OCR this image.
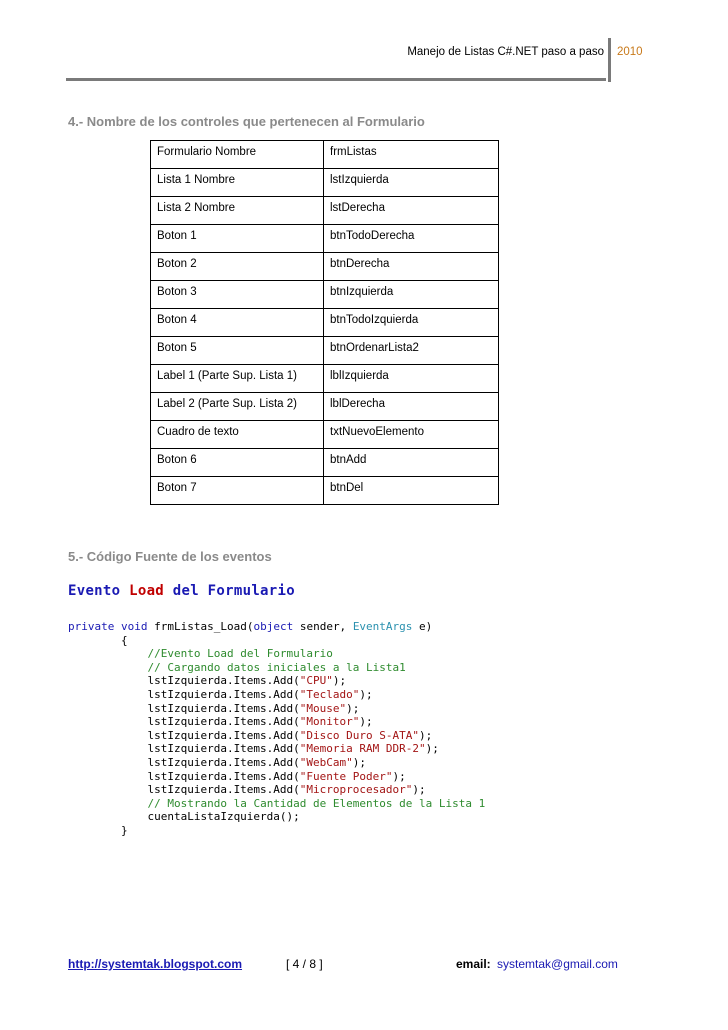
Manejo de Listas C#.NET paso a paso 2010
4.- Nombre de los controles que pertenecen al Formulario
Formulario Nombre	frmListas
Lista 1 Nombre	lstIzquierda
Lista 2 Nombre	lstDerecha
Boton 1	btnTodoDerecha
Boton 2	btnDerecha
Boton 3	btnIzquierda
Boton 4	btnTodoIzquierda
Boton 5	btnOrdenarLista2
Label 1 (Parte Sup. Lista 1)	lblIzquierda
Label 2 (Parte Sup. Lista 2)	lblDerecha
Cuadro de texto	txtNuevoElemento
Boton 6	btnAdd
Boton 7	btnDel
5.- Código Fuente de los eventos
Evento Load del Formulario
private void frmListas_Load(object sender, EventArgs e)
{
//Evento Load del Formulario
// Cargando datos iniciales a la Lista1
lstIzquierda.Items.Add("CPU");
lstIzquierda.Items.Add("Teclado");
lstIzquierda.Items.Add("Mouse");
lstIzquierda.Items.Add("Monitor");
lstIzquierda.Items.Add("Disco Duro S-ATA");
lstIzquierda.Items.Add("Memoria RAM DDR-2");
lstIzquierda.Items.Add("WebCam");
lstIzquierda.Items.Add("Fuente Poder");
lstIzquierda.Items.Add("Microprocesador");
// Mostrando la Cantidad de Elementos de la Lista 1
cuentaListaIzquierda();
}
http://systemtak.blogspot.com	[ 4 / 8 ]	email: systemtak@gmail.com
